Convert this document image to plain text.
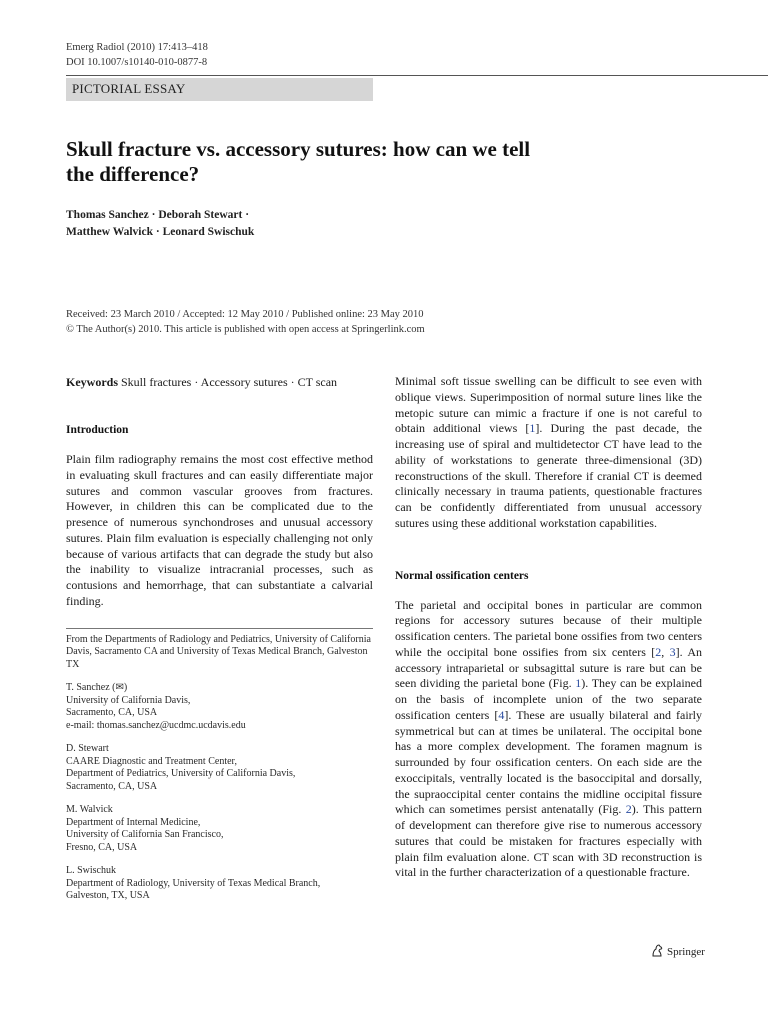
Emerg Radiol (2010) 17:413–418
DOI 10.1007/s10140-010-0877-8
PICTORIAL ESSAY
Skull fracture vs. accessory sutures: how can we tell
the difference?
Thomas Sanchez · Deborah Stewart ·
Matthew Walvick · Leonard Swischuk
Received: 23 March 2010 / Accepted: 12 May 2010 / Published online: 23 May 2010
© The Author(s) 2010. This article is published with open access at Springerlink.com
Keywords Skull fractures · Accessory sutures · CT scan
Introduction

Plain film radiography remains the most cost effective method in evaluating skull fractures and can easily differentiate major sutures and common vascular grooves from fractures. However, in children this can be complicated due to the presence of numerous synchondroses and unusual accessory sutures. Plain film evaluation is especially challenging not only because of various artifacts that can degrade the study but also the inability to visualize intracranial processes, such as contusions and hemorrhage, that can substantiate a calvarial finding.

From the Departments of Radiology and Pediatrics, University of California Davis, Sacramento CA and University of Texas Medical Branch, Galveston TX
T. Sanchez (✉)
University of California Davis,
Sacramento, CA, USA
e-mail: thomas.sanchez@ucdmc.ucdavis.edu
D. Stewart
CAARE Diagnostic and Treatment Center,
Department of Pediatrics, University of California Davis,
Sacramento, CA, USA
M. Walvick
Department of Internal Medicine,
University of California San Francisco,
Fresno, CA, USA
L. Swischuk
Department of Radiology, University of Texas Medical Branch,
Galveston, TX, USA

Minimal soft tissue swelling can be difficult to see even with oblique views. Superimposition of normal suture lines like the metopic suture can mimic a fracture if one is not careful to obtain additional views [1]. During the past decade, the increasing use of spiral and multidetector CT have lead to the ability of workstations to generate three-dimensional (3D) reconstructions of the skull. Therefore if cranial CT is deemed clinically necessary in trauma patients, questionable fractures can be confidently differentiated from unusual accessory sutures using these additional workstation capabilities.

Normal ossification centers

The parietal and occipital bones in particular are common regions for accessory sutures because of their multiple ossification centers. The parietal bone ossifies from two centers while the occipital bone ossifies from six centers [2, 3]. An accessory intraparietal or subsagittal suture is rare but can be seen dividing the parietal bone (Fig. 1). They can be explained on the basis of incomplete union of the two separate ossification centers [4]. These are usually bilateral and fairly symmetrical but can at times be unilateral. The occipital bone has a more complex development. The foramen magnum is surrounded by four ossification centers. On each side are the exoccipitals, ventrally located is the basoccipital and dorsally, the supraoccipital center contains the midline occipital fissure which can sometimes persist antenatally (Fig. 2). This pattern of development can therefore give rise to numerous accessory sutures that could be mistaken for fractures especially with plain film evaluation alone. CT scan with 3D reconstruction is vital in the further characterization of a questionable fracture.

Springer
